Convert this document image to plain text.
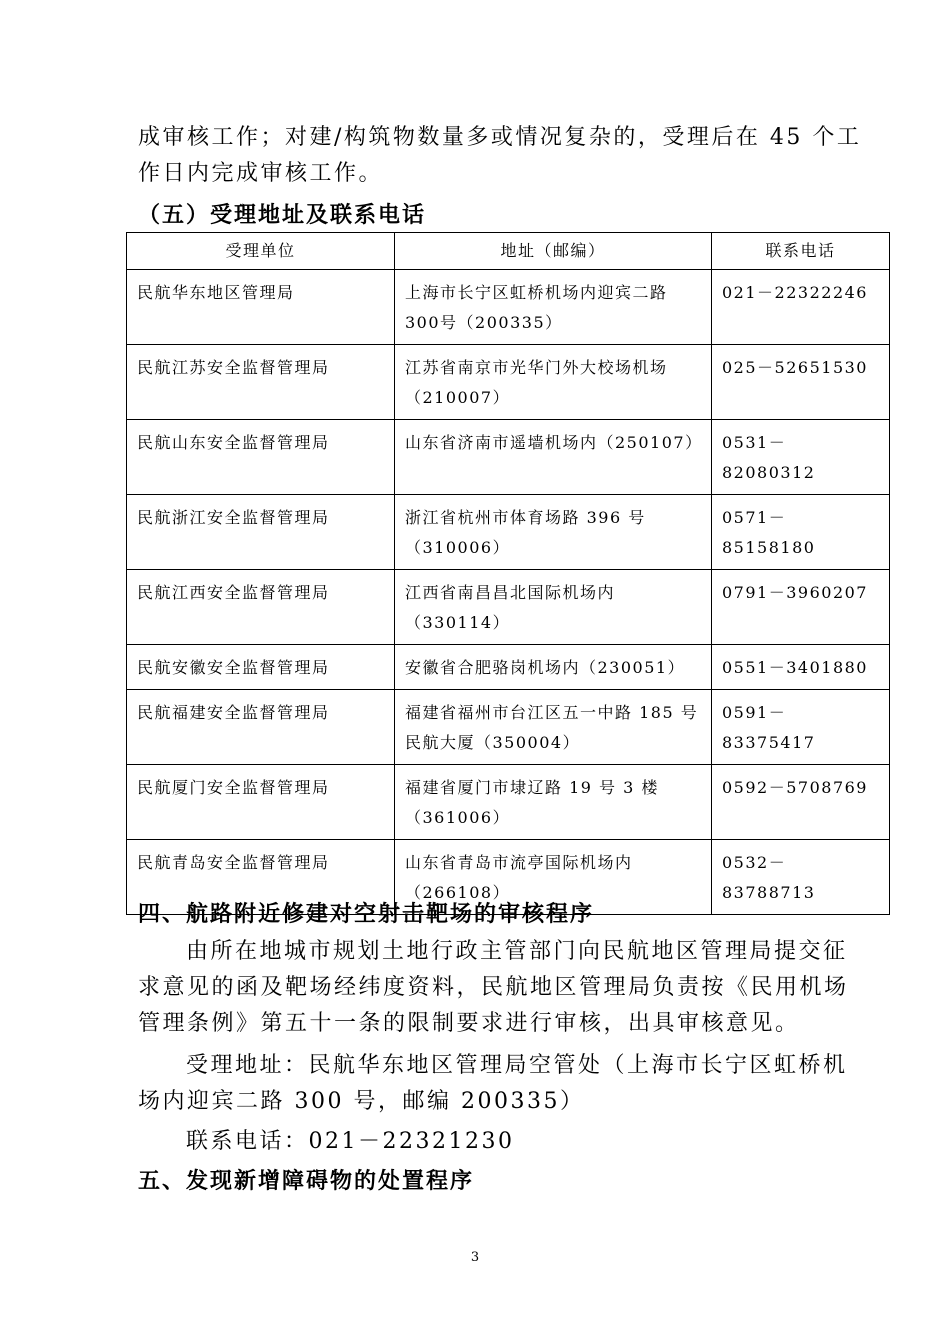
成审核工作；对建/构筑物数量多或情况复杂的，受理后在 45 个工作日内完成审核工作。

（五）受理地址及联系电话

受理单位	地址（邮编）	联系电话
民航华东地区管理局	上海市长宁区虹桥机场内迎宾二路300号（200335）	021－22322246
民航江苏安全监督管理局	江苏省南京市光华门外大校场机场（210007）	025－52651530
民航山东安全监督管理局	山东省济南市遥墙机场内（250107）	0531－82080312
民航浙江安全监督管理局	浙江省杭州市体育场路 396 号（310006）	0571－85158180
民航江西安全监督管理局	江西省南昌昌北国际机场内（330114）	0791－3960207
民航安徽安全监督管理局	安徽省合肥骆岗机场内（230051）	0551－3401880
民航福建安全监督管理局	福建省福州市台江区五一中路 185 号民航大厦（350004）	0591－83375417
民航厦门安全监督管理局	福建省厦门市埭辽路 19 号 3 楼（361006）	0592－5708769
民航青岛安全监督管理局	山东省青岛市流亭国际机场内（266108）	0532－83788713

四、航路附近修建对空射击靶场的审核程序

由所在地城市规划土地行政主管部门向民航地区管理局提交征求意见的函及靶场经纬度资料，民航地区管理局负责按《民用机场管理条例》第五十一条的限制要求进行审核，出具审核意见。

受理地址：民航华东地区管理局空管处（上海市长宁区虹桥机场内迎宾二路 300 号，邮编 200335）

联系电话：021－22321230

五、发现新增障碍物的处置程序

3
